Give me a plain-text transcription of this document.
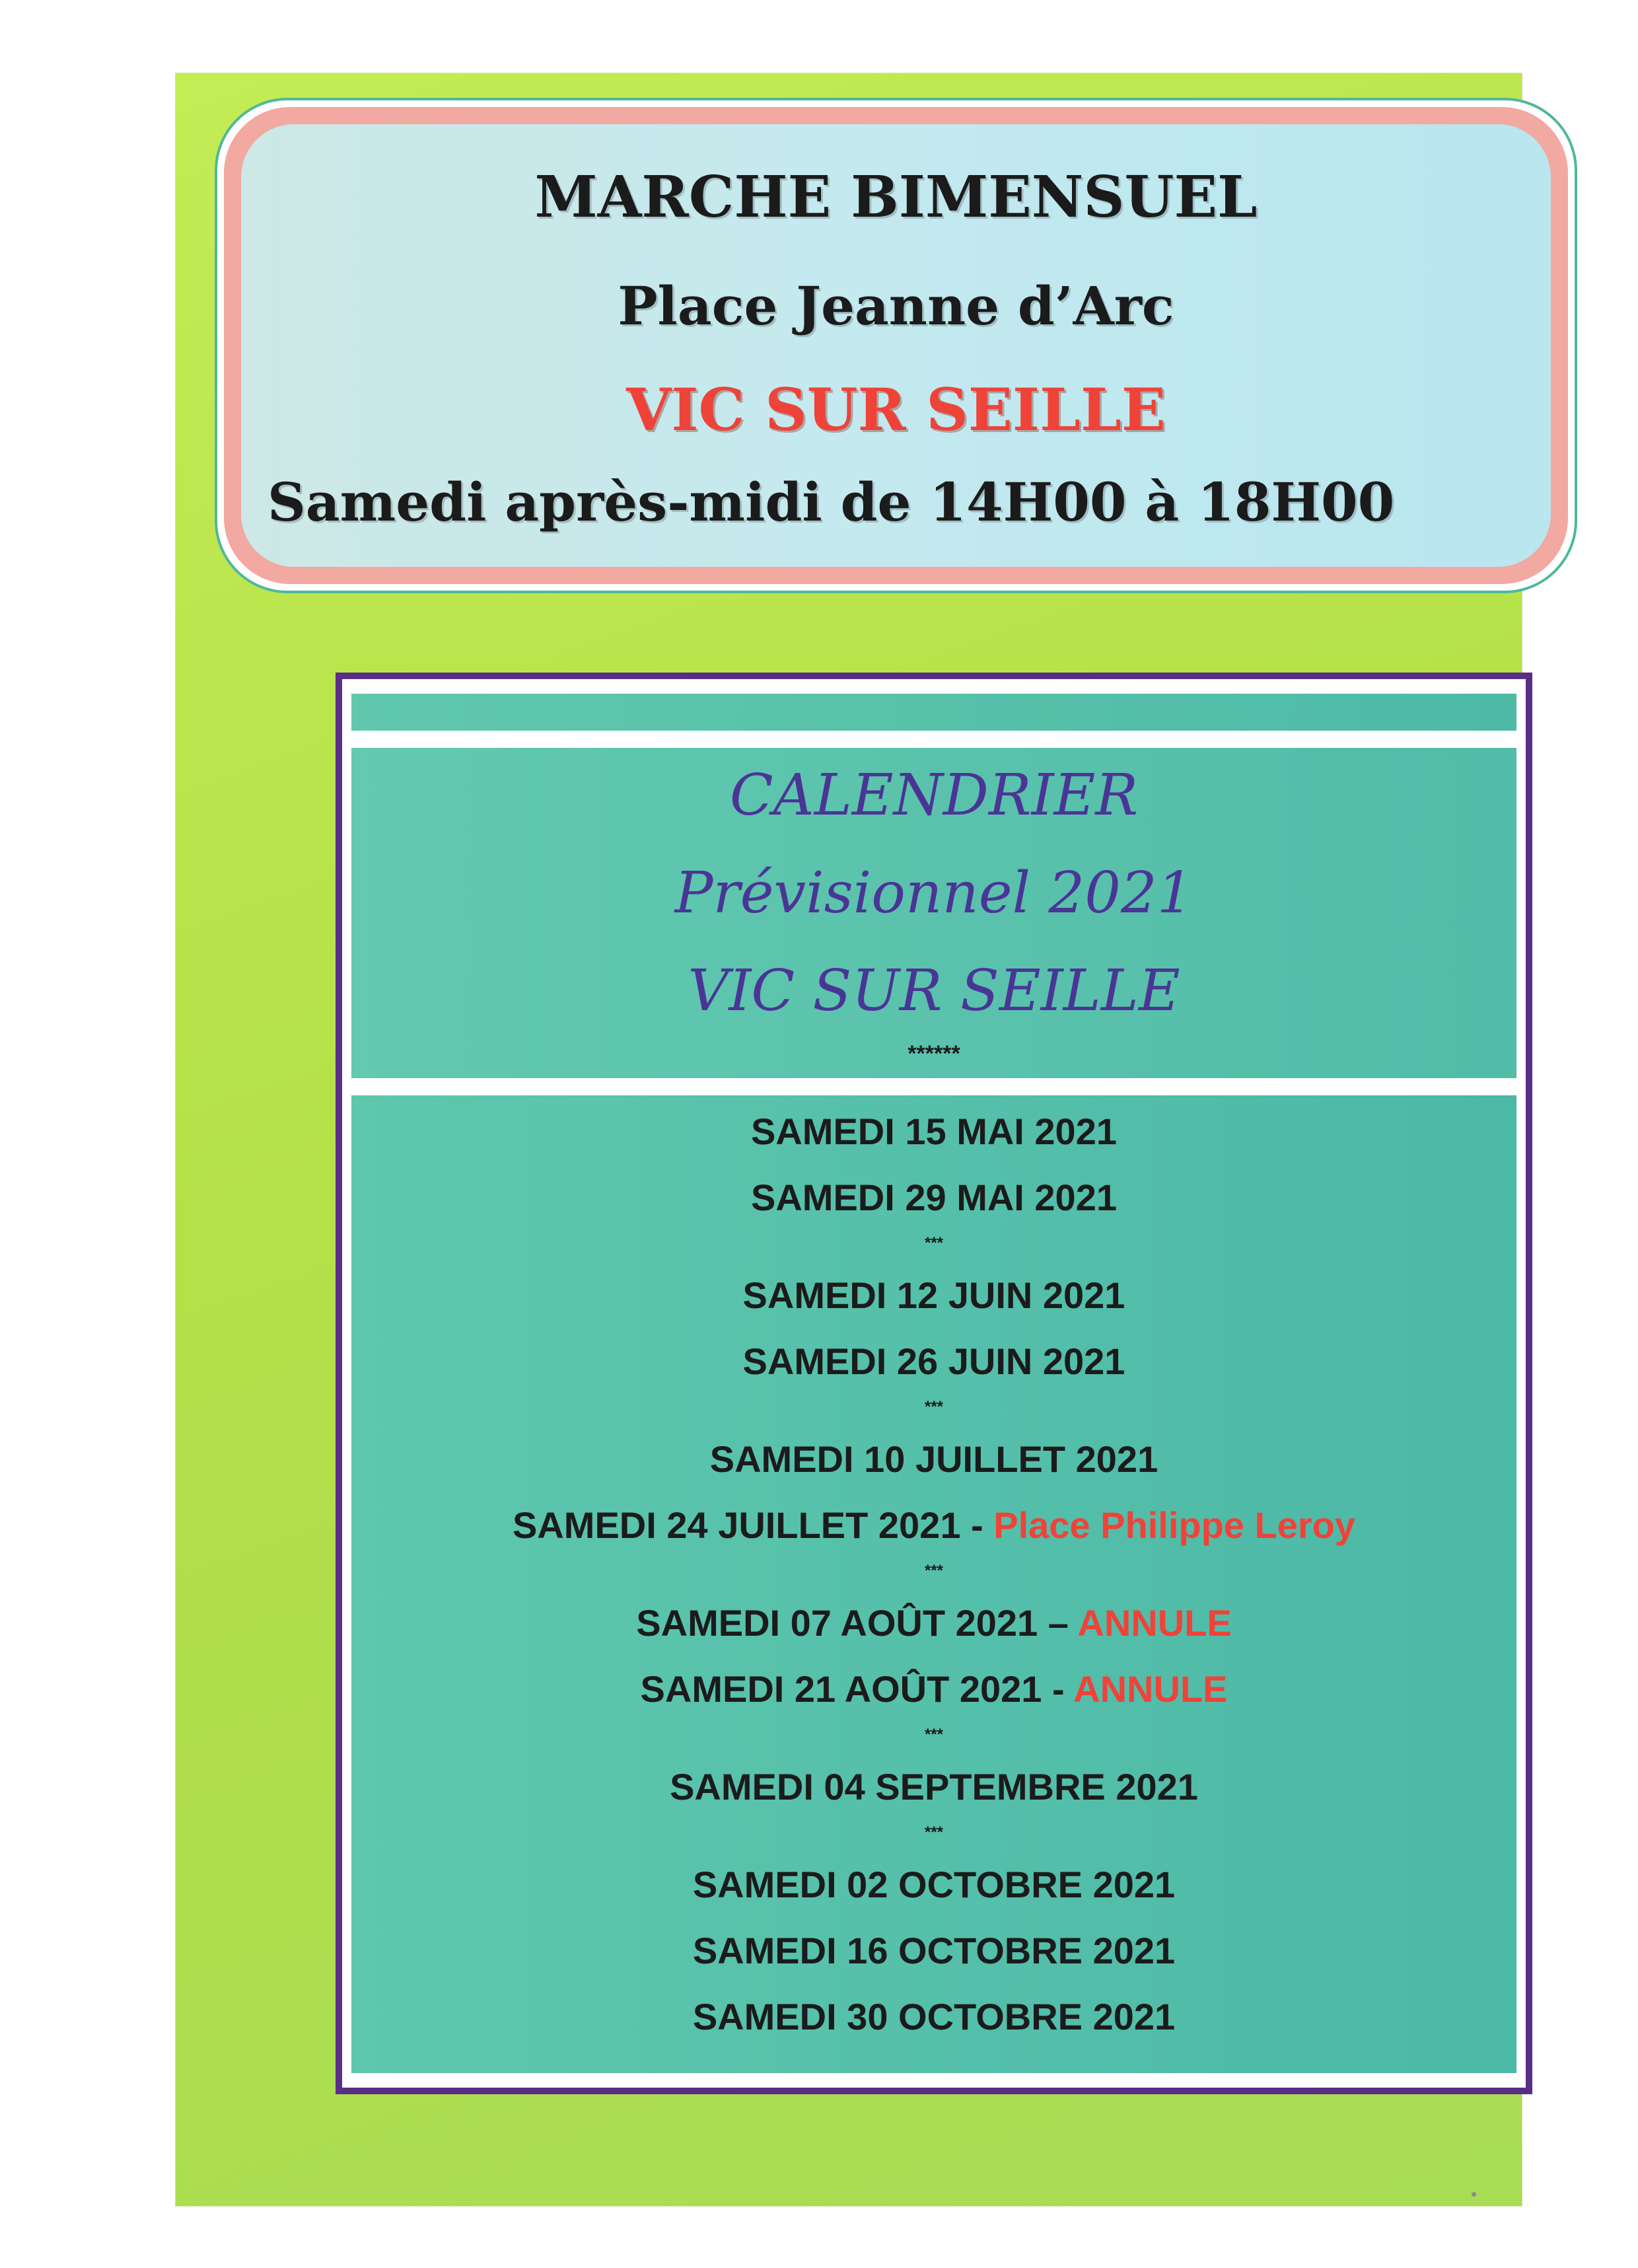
MARCHE BIMENSUEL
Place Jeanne d’Arc
VIC SUR SEILLE
Samedi après-midi de 14H00 à 18H00
CALENDRIER
Prévisionnel 2021
VIC SUR SEILLE
******
SAMEDI 15 MAI 2021
SAMEDI 29 MAI 2021
***
SAMEDI 12 JUIN 2021
SAMEDI 26 JUIN 2021
***
SAMEDI 10 JUILLET 2021
SAMEDI 24 JUILLET 2021 - Place Philippe Leroy
***
SAMEDI 07 AOÛT 2021 – ANNULE
SAMEDI 21 AOÛT 2021 - ANNULE
***
SAMEDI 04 SEPTEMBRE 2021
***
SAMEDI 02 OCTOBRE 2021
SAMEDI 16 OCTOBRE 2021
SAMEDI 30 OCTOBRE 2021
